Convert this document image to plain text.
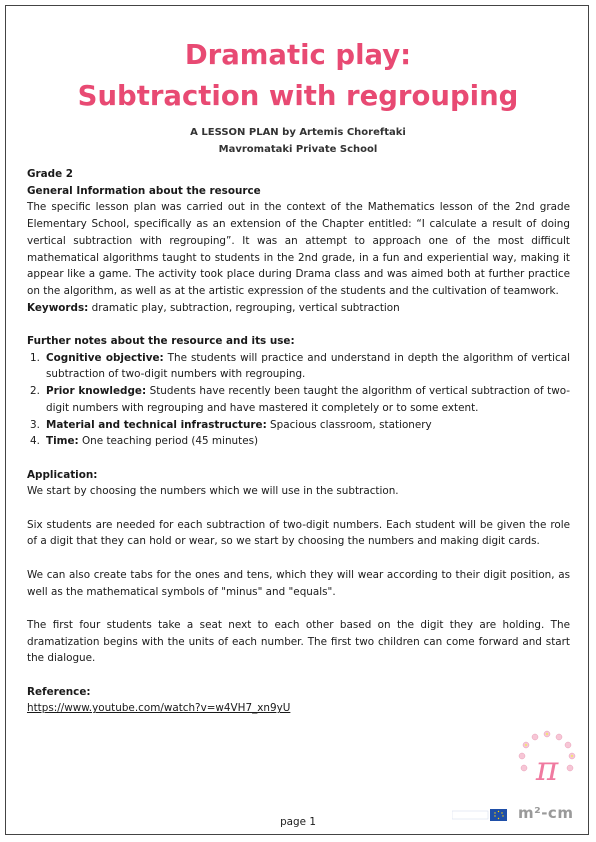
Dramatic play:
Subtraction with regrouping
A LESSON PLAN by Artemis Choreftaki
Mavromataki Private School

Grade 2

General Information about the resource

The specific lesson plan was carried out in the context of the Mathematics lesson of the 2nd grade Elementary School, specifically as an extension of the Chapter entitled: “I calculate a result of doing vertical subtraction with regrouping”. It was an attempt to approach one of the most difficult mathematical algorithms taught to students in the 2nd grade, in a fun and experiential way, making it appear like a game. The activity took place during Drama class and was aimed both at further practice on the algorithm, as well as at the artistic expression of the students and the cultivation of teamwork.

Keywords: dramatic play, subtraction, regrouping, vertical subtraction

Further notes about the resource and its use:

1. Cognitive objective: The students will practice and understand in depth the algorithm of vertical subtraction of two-digit numbers with regrouping.
2. Prior knowledge: Students have recently been taught the algorithm of vertical subtraction of two-digit numbers with regrouping and have mastered it completely or to some extent.
3. Material and technical infrastructure: Spacious classroom, stationery
4. Time: One teaching period (45 minutes)

Application:

We start by choosing the numbers which we will use in the subtraction.

Six students are needed for each subtraction of two-digit numbers. Each student will be given the role of a digit that they can hold or wear, so we start by choosing the numbers and making digit cards.

We can also create tabs for the ones and tens, which they will wear according to their digit position, as well as the mathematical symbols of "minus" and "equals".

The first four students take a seat next to each other based on the digit they are holding. The dramatization begins with the units of each number. The first two children can come forward and start the dialogue.

Reference:

https://www.youtube.com/watch?v=w4VH7_xn9yU

π
m²-cm
page 1
